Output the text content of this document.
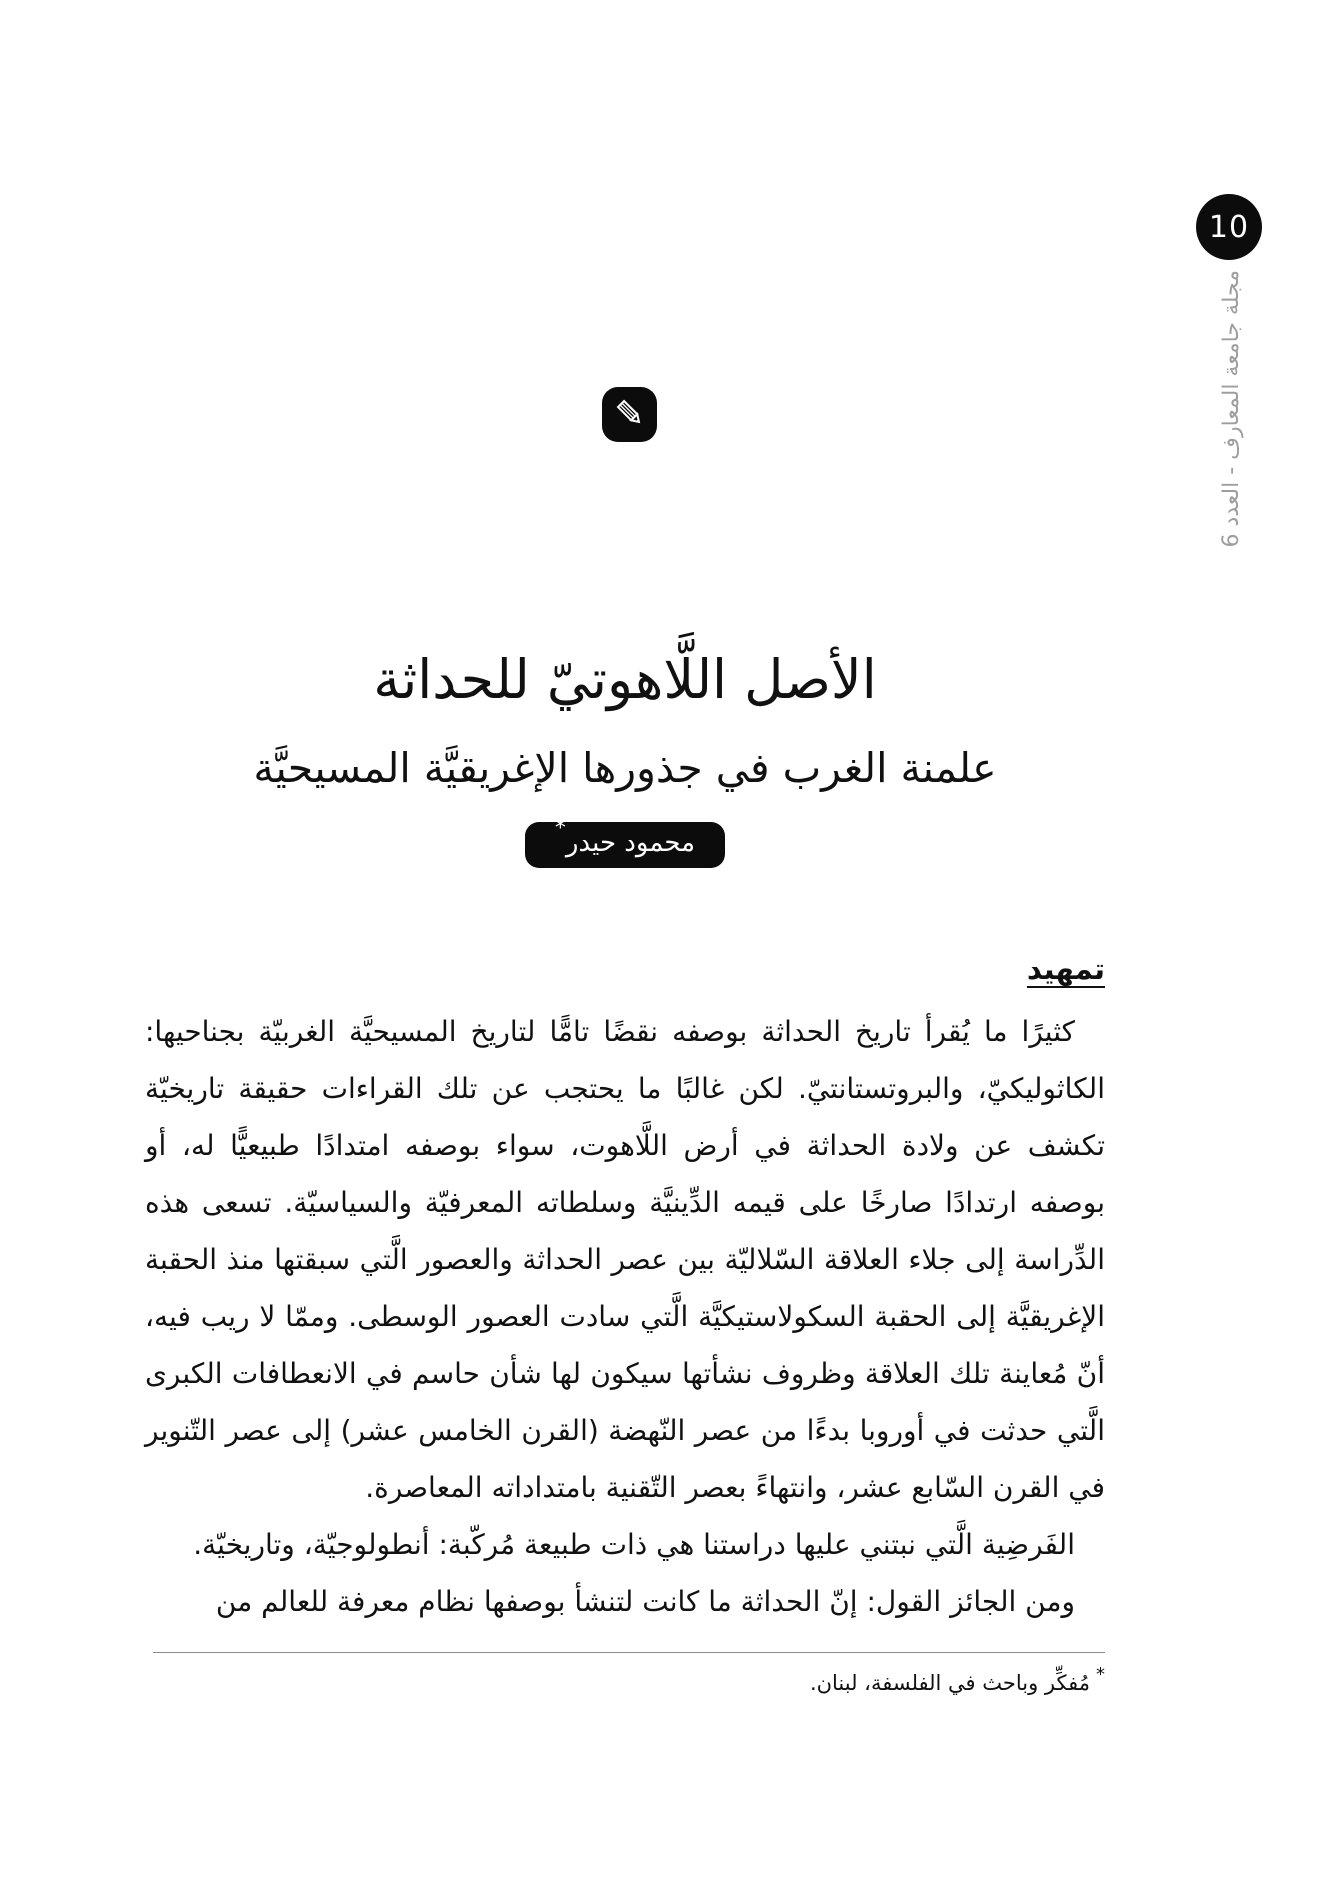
10
مجلة جامعة المعارف - العدد 6
الأصل اللَّاهوتيّ للحداثة
علمنة الغرب في جذورها الإغريقيَّة المسيحيَّة
محمود حيدر*
تمهيد

كثيرًا ما يُقرأ تاريخ الحداثة بوصفه نقضًا تامًّا لتاريخ المسيحيَّة الغربيّة بجناحيها: الكاثوليكيّ، والبروتستانتيّ. لكن غالبًا ما يحتجب عن تلك القراءات حقيقة تاريخيّة تكشف عن ولادة الحداثة في أرض اللَّاهوت، سواء بوصفه امتدادًا طبيعيًّا له، أو بوصفه ارتدادًا صارخًا على قيمه الدِّينيَّة وسلطاته المعرفيّة والسياسيّة. تسعى هذه الدِّراسة إلى جلاء العلاقة السّلاليّة بين عصر الحداثة والعصور الَّتي سبقتها منذ الحقبة الإغريقيَّة إلى الحقبة السكولاستيكيَّة الَّتي سادت العصور الوسطى. وممّا لا ريب فيه، أنّ مُعاينة تلك العلاقة وظروف نشأتها سيكون لها شأن حاسم في الانعطافات الكبرى الَّتي حدثت في أوروبا بدءًا من عصر النّهضة (القرن الخامس عشر) إلى عصر التّنوير في القرن السّابع عشر، وانتهاءً بعصر التّقنية بامتداداته المعاصرة.

الفَرضِية الَّتي نبتني عليها دراستنا هي ذات طبيعة مُركّبة: أنطولوجيّة، وتاريخيّة.

ومن الجائز القول: إنّ الحداثة ما كانت لتنشأ بوصفها نظام معرفة للعالم من

*مُفكِّر وباحث في الفلسفة، لبنان.
